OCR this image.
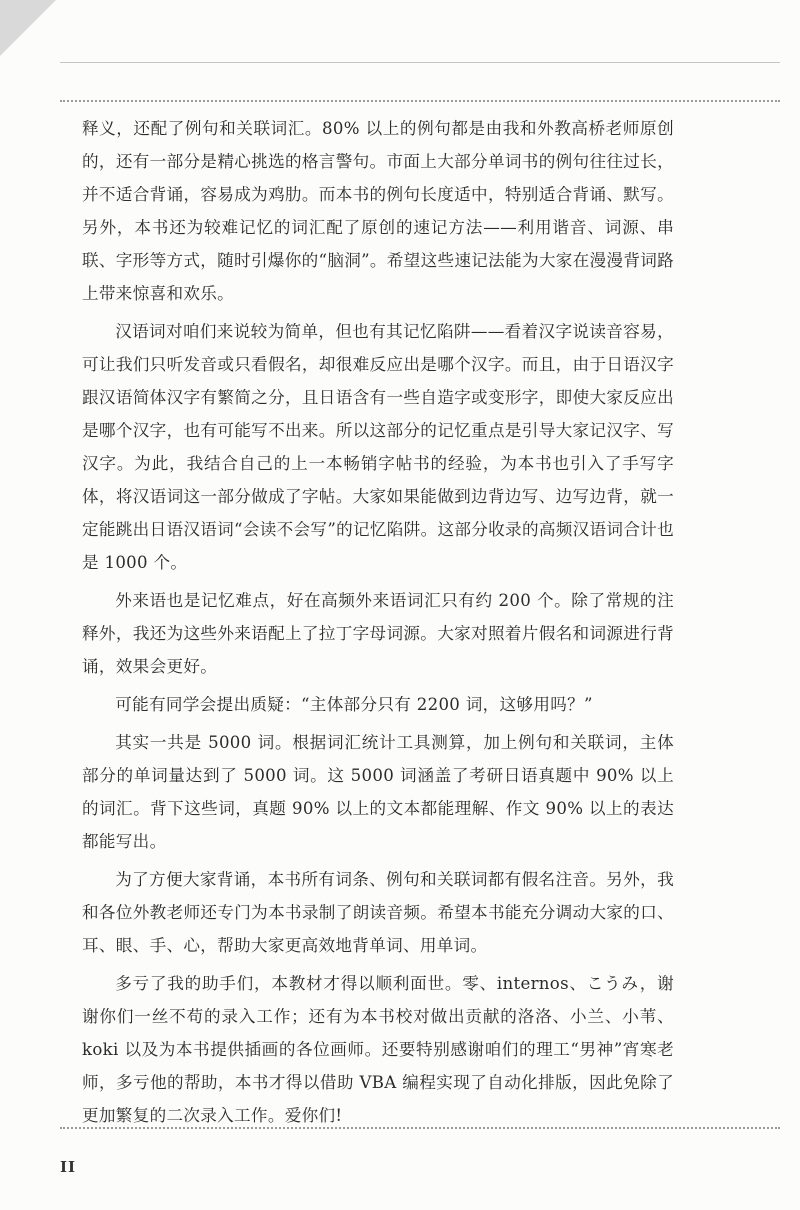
释义，还配了例句和关联词汇。80% 以上的例句都是由我和外教高桥老师原创的，还有一部分是精心挑选的格言警句。市面上大部分单词书的例句往往过长，并不适合背诵，容易成为鸡肋。而本书的例句长度适中，特别适合背诵、默写。另外，本书还为较难记忆的词汇配了原创的速记方法——利用谐音、词源、串联、字形等方式，随时引爆你的“脑洞”。希望这些速记法能为大家在漫漫背词路上带来惊喜和欢乐。

汉语词对咱们来说较为简单，但也有其记忆陷阱——看着汉字说读音容易，可让我们只听发音或只看假名，却很难反应出是哪个汉字。而且，由于日语汉字跟汉语简体汉字有繁简之分，且日语含有一些自造字或变形字，即使大家反应出是哪个汉字，也有可能写不出来。所以这部分的记忆重点是引导大家记汉字、写汉字。为此，我结合自己的上一本畅销字帖书的经验，为本书也引入了手写字体，将汉语词这一部分做成了字帖。大家如果能做到边背边写、边写边背，就一定能跳出日语汉语词“会读不会写”的记忆陷阱。这部分收录的高频汉语词合计也是 1000 个。

外来语也是记忆难点，好在高频外来语词汇只有约 200 个。除了常规的注释外，我还为这些外来语配上了拉丁字母词源。大家对照着片假名和词源进行背诵，效果会更好。

可能有同学会提出质疑：“主体部分只有 2200 词，这够用吗？”

其实一共是 5000 词。根据词汇统计工具测算，加上例句和关联词，主体部分的单词量达到了 5000 词。这 5000 词涵盖了考研日语真题中 90% 以上的词汇。背下这些词，真题 90% 以上的文本都能理解、作文 90% 以上的表达都能写出。

为了方便大家背诵，本书所有词条、例句和关联词都有假名注音。另外，我和各位外教老师还专门为本书录制了朗读音频。希望本书能充分调动大家的口、耳、眼、手、心，帮助大家更高效地背单词、用单词。

多亏了我的助手们，本教材才得以顺利面世。零、internos、こうみ，谢谢你们一丝不苟的录入工作；还有为本书校对做出贡献的洛洛、小兰、小苇、koki 以及为本书提供插画的各位画师。还要特别感谢咱们的理工“男神”宵寒老师，多亏他的帮助，本书才得以借助 VBA 编程实现了自动化排版，因此免除了更加繁复的二次录入工作。爱你们!

II
